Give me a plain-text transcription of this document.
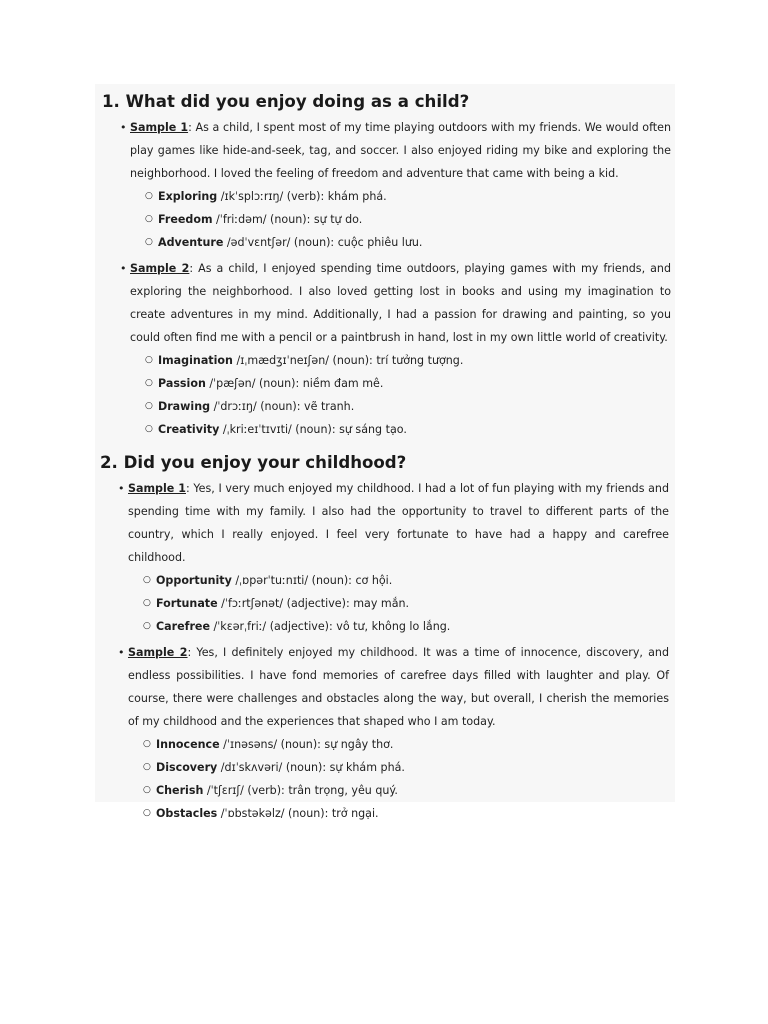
1. What did you enjoy doing as a child?
• Sample 1: As a child, I spent most of my time playing outdoors with my friends. We would often play games like hide-and-seek, tag, and soccer. I also enjoyed riding my bike and exploring the neighborhood. I loved the feeling of freedom and adventure that came with being a kid.
○ Exploring /ɪkˈsplɔːrɪŋ/ (verb): khám phá.
○ Freedom /ˈfriːdəm/ (noun): sự tự do.
○ Adventure /ədˈvɛntʃər/ (noun): cuộc phiêu lưu.
• Sample 2: As a child, I enjoyed spending time outdoors, playing games with my friends, and exploring the neighborhood. I also loved getting lost in books and using my imagination to create adventures in my mind. Additionally, I had a passion for drawing and painting, so you could often find me with a pencil or a paintbrush in hand, lost in my own little world of creativity.
○ Imagination /ɪˌmædʒɪˈneɪʃən/ (noun): trí tưởng tượng.
○ Passion /ˈpæʃən/ (noun): niềm đam mê.
○ Drawing /ˈdrɔːɪŋ/ (noun): vẽ tranh.
○ Creativity /ˌkriːeɪˈtɪvɪti/ (noun): sự sáng tạo.
2. Did you enjoy your childhood?
• Sample 1: Yes, I very much enjoyed my childhood. I had a lot of fun playing with my friends and spending time with my family. I also had the opportunity to travel to different parts of the country, which I really enjoyed. I feel very fortunate to have had a happy and carefree childhood.
○ Opportunity /ˌɒpərˈtuːnɪti/ (noun): cơ hội.
○ Fortunate /ˈfɔːrtʃənət/ (adjective): may mắn.
○ Carefree /ˈkɛərˌfriː/ (adjective): vô tư, không lo lắng.
• Sample 2: Yes, I definitely enjoyed my childhood. It was a time of innocence, discovery, and endless possibilities. I have fond memories of carefree days filled with laughter and play. Of course, there were challenges and obstacles along the way, but overall, I cherish the memories of my childhood and the experiences that shaped who I am today.
○ Innocence /ˈɪnəsəns/ (noun): sự ngây thơ.
○ Discovery /dɪˈskʌvəri/ (noun): sự khám phá.
○ Cherish /ˈtʃɛrɪʃ/ (verb): trân trọng, yêu quý.
○ Obstacles /ˈɒbstəkəlz/ (noun): trở ngại.
